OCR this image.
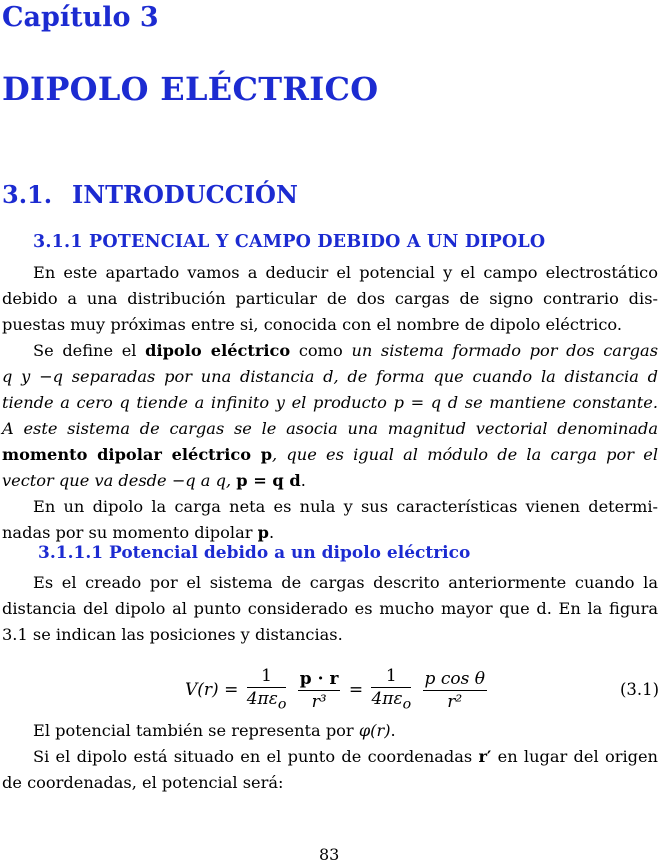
Capítulo 3
DIPOLO ELÉCTRICO
3.1. INTRODUCCIÓN
3.1.1 POTENCIAL Y CAMPO DEBIDO A UN DIPOLO
En este apartado vamos a deducir el potencial y el campo electrostático
debido a una distribución particular de dos cargas de signo contrario dis-
puestas muy próximas entre si, conocida con el nombre de dipolo eléctrico.
Se define el dipolo eléctrico como un sistema formado por dos cargas
q y −q separadas por una distancia d, de forma que cuando la distancia d
tiende a cero q tiende a infinito y el producto p = q d se mantiene constante.
A este sistema de cargas se le asocia una magnitud vectorial denominada
momento dipolar eléctrico p, que es igual al módulo de la carga por el
vector que va desde −q a q, p = q d.
En un dipolo la carga neta es nula y sus características vienen determi-
nadas por su momento dipolar p.
3.1.1.1 Potencial debido a un dipolo eléctrico
Es el creado por el sistema de cargas descrito anteriormente cuando la
distancia del dipolo al punto considerado es mucho mayor que d. En la figura
3.1 se indican las posiciones y distancias.
$V(r) = \frac{1}{4\pi\varepsilon_o}$
$\frac{p \cdot r}{\text{r³}} = \frac{1}{4\pi\varepsilon_o}$
$\frac{\text{p cos θ}}{\text{r²}}$	(3.1)
El potencial también se representa por φ(r).
Si el dipolo está situado en el punto de coordenadas r′ en lugar del origen
de coordenadas, el potencial será:
83
